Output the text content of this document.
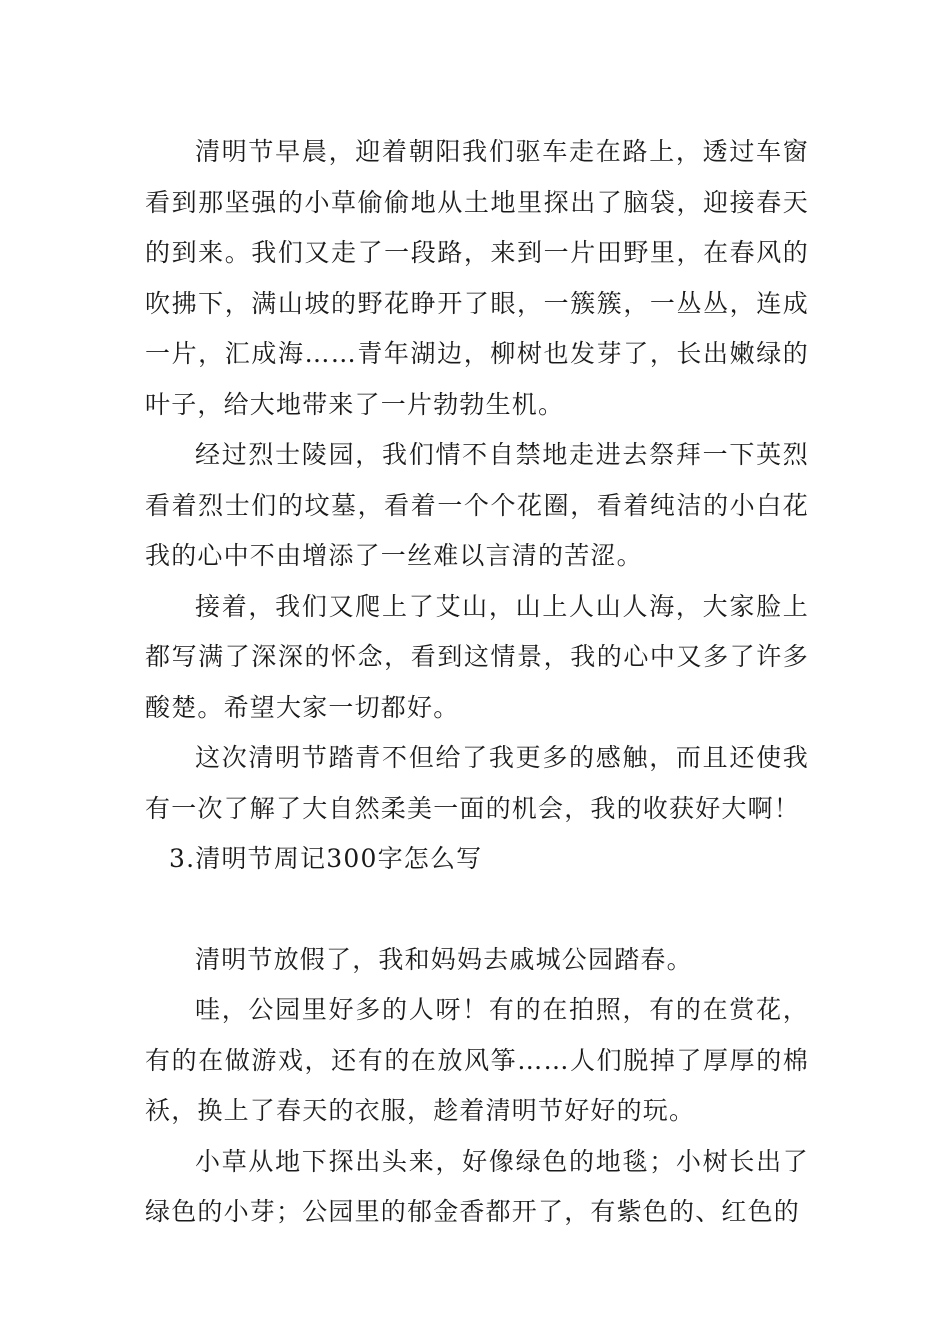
清明节早晨，迎着朝阳我们驱车走在路上，透过车窗看到那坚强的小草偷偷地从土地里探出了脑袋，迎接春天的到来。我们又走了一段路，来到一片田野里，在春风的吹拂下，满山坡的野花睁开了眼，一簇簇，一丛丛，连成一片，汇成海……青年湖边，柳树也发芽了，长出嫩绿的叶子，给大地带来了一片勃勃生机。

经过烈士陵园，我们情不自禁地走进去祭拜一下英烈看着烈士们的坟墓，看着一个个花圈，看着纯洁的小白花我的心中不由增添了一丝难以言清的苦涩。

接着，我们又爬上了艾山，山上人山人海，大家脸上都写满了深深的怀念，看到这情景，我的心中又多了许多酸楚。希望大家一切都好。

这次清明节踏青不但给了我更多的感触，而且还使我有一次了解了大自然柔美一面的机会，我的收获好大啊！

3.清明节周记300字怎么写

清明节放假了，我和妈妈去戚城公园踏春。

哇，公园里好多的人呀！有的在拍照，有的在赏花，有的在做游戏，还有的在放风筝……人们脱掉了厚厚的棉袄，换上了春天的衣服，趁着清明节好好的玩。

小草从地下探出头来，好像绿色的地毯；小树长出了绿色的小芽；公园里的郁金香都开了，有紫色的、红色的
